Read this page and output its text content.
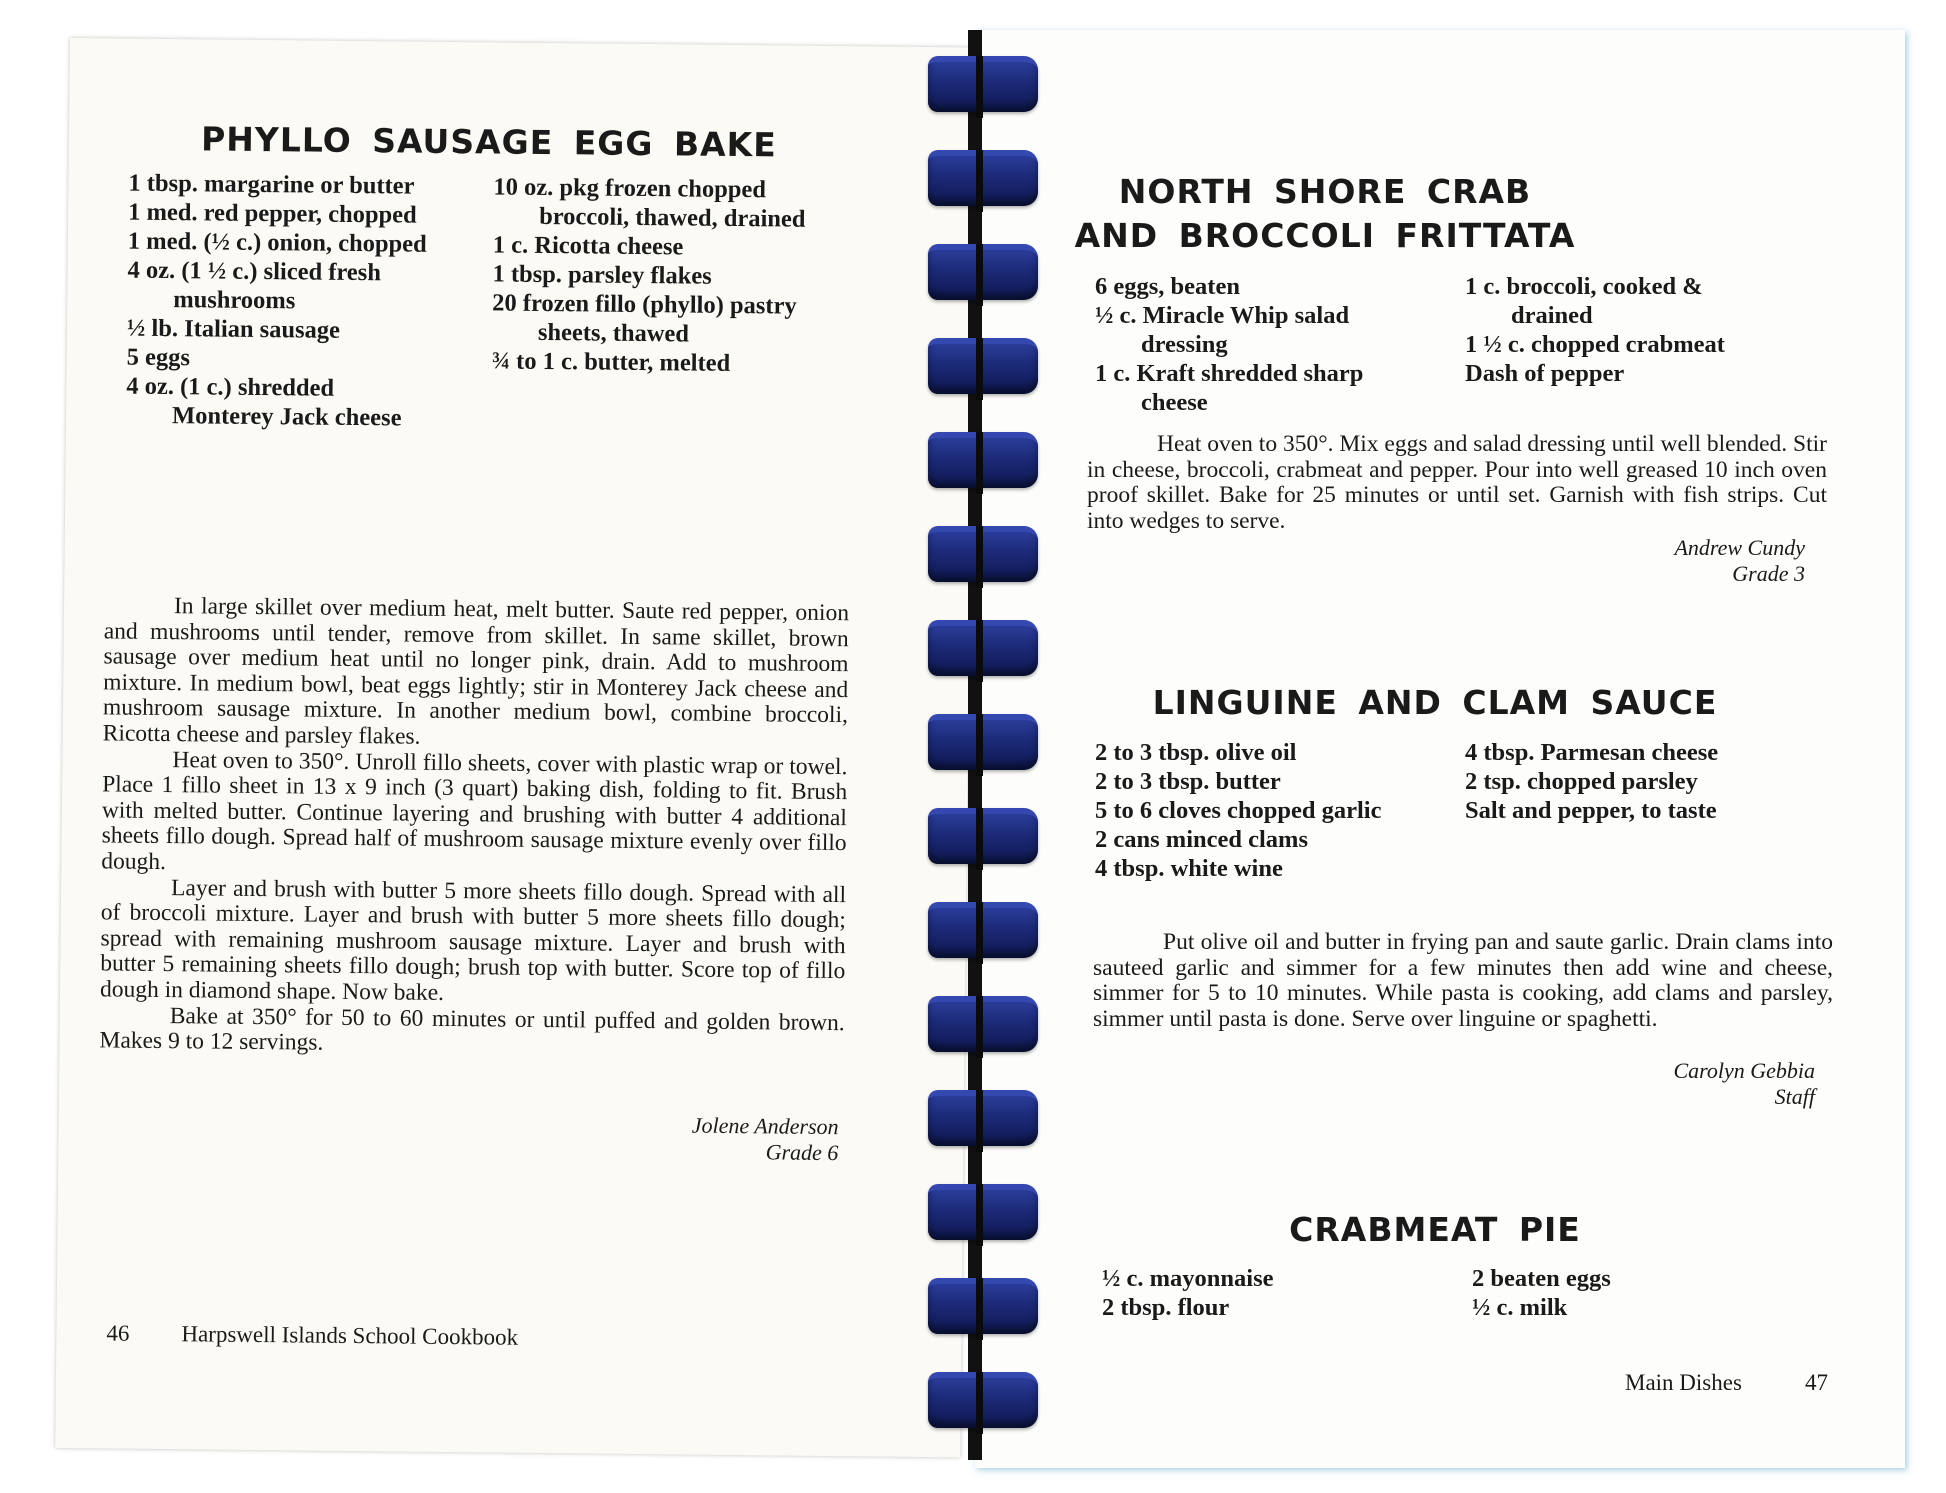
PHYLLO SAUSAGE EGG BAKE
1 tbsp. margarine or butter
1 med. red pepper, chopped
1 med. (½ c.) onion, chopped
4 oz. (1 ½ c.) sliced fresh mushrooms
½ lb. Italian sausage
5 eggs
4 oz. (1 c.) shredded Monterey Jack cheese
10 oz. pkg frozen chopped broccoli, thawed, drained
1 c. Ricotta cheese
1 tbsp. parsley flakes
20 frozen fillo (phyllo) pastry sheets, thawed
¾ to 1 c. butter, melted

In large skillet over medium heat, melt butter. Saute red pepper, onion and mushrooms until tender, remove from skillet. In same skillet, brown sausage over medium heat until no longer pink, drain. Add to mushroom mixture. In medium bowl, beat eggs lightly; stir in Monterey Jack cheese and mushroom sausage mixture. In another medium bowl, combine broccoli, Ricotta cheese and parsley flakes.

Heat oven to 350°. Unroll fillo sheets, cover with plastic wrap or towel. Place 1 fillo sheet in 13 x 9 inch (3 quart) baking dish, folding to fit. Brush with melted butter. Continue layering and brushing with butter 4 additional sheets fillo dough. Spread half of mushroom sausage mixture evenly over fillo dough.

Layer and brush with butter 5 more sheets fillo dough. Spread with all of broccoli mixture. Layer and brush with butter 5 more sheets fillo dough; spread with remaining mushroom sausage mixture. Layer and brush with butter 5 remaining sheets fillo dough; brush top with butter. Score top of fillo dough in diamond shape. Now bake.

Bake at 350° for 50 to 60 minutes or until puffed and golden brown. Makes 9 to 12 servings.

Jolene Anderson
Grade 6
46 Harpswell Islands School Cookbook
NORTH SHORE CRAB
AND BROCCOLI FRITTATA
6 eggs, beaten
½ c. Miracle Whip salad dressing
1 c. Kraft shredded sharp cheese
1 c. broccoli, cooked & drained
1 ½ c. chopped crabmeat
Dash of pepper

Heat oven to 350°. Mix eggs and salad dressing until well blended. Stir in cheese, broccoli, crabmeat and pepper. Pour into well greased 10 inch oven proof skillet. Bake for 25 minutes or until set. Garnish with fish strips. Cut into wedges to serve.

Andrew Cundy
Grade 3
LINGUINE AND CLAM SAUCE
2 to 3 tbsp. olive oil
2 to 3 tbsp. butter
5 to 6 cloves chopped garlic
2 cans minced clams
4 tbsp. white wine
4 tbsp. Parmesan cheese
2 tsp. chopped parsley
Salt and pepper, to taste

Put olive oil and butter in frying pan and saute garlic. Drain clams into sauteed garlic and simmer for a few minutes then add wine and cheese, simmer for 5 to 10 minutes. While pasta is cooking, add clams and parsley, simmer until pasta is done. Serve over linguine or spaghetti.

Carolyn Gebbia
Staff
CRABMEAT PIE
½ c. mayonnaise
2 tbsp. flour
2 beaten eggs
½ c. milk
Main Dishes	47
